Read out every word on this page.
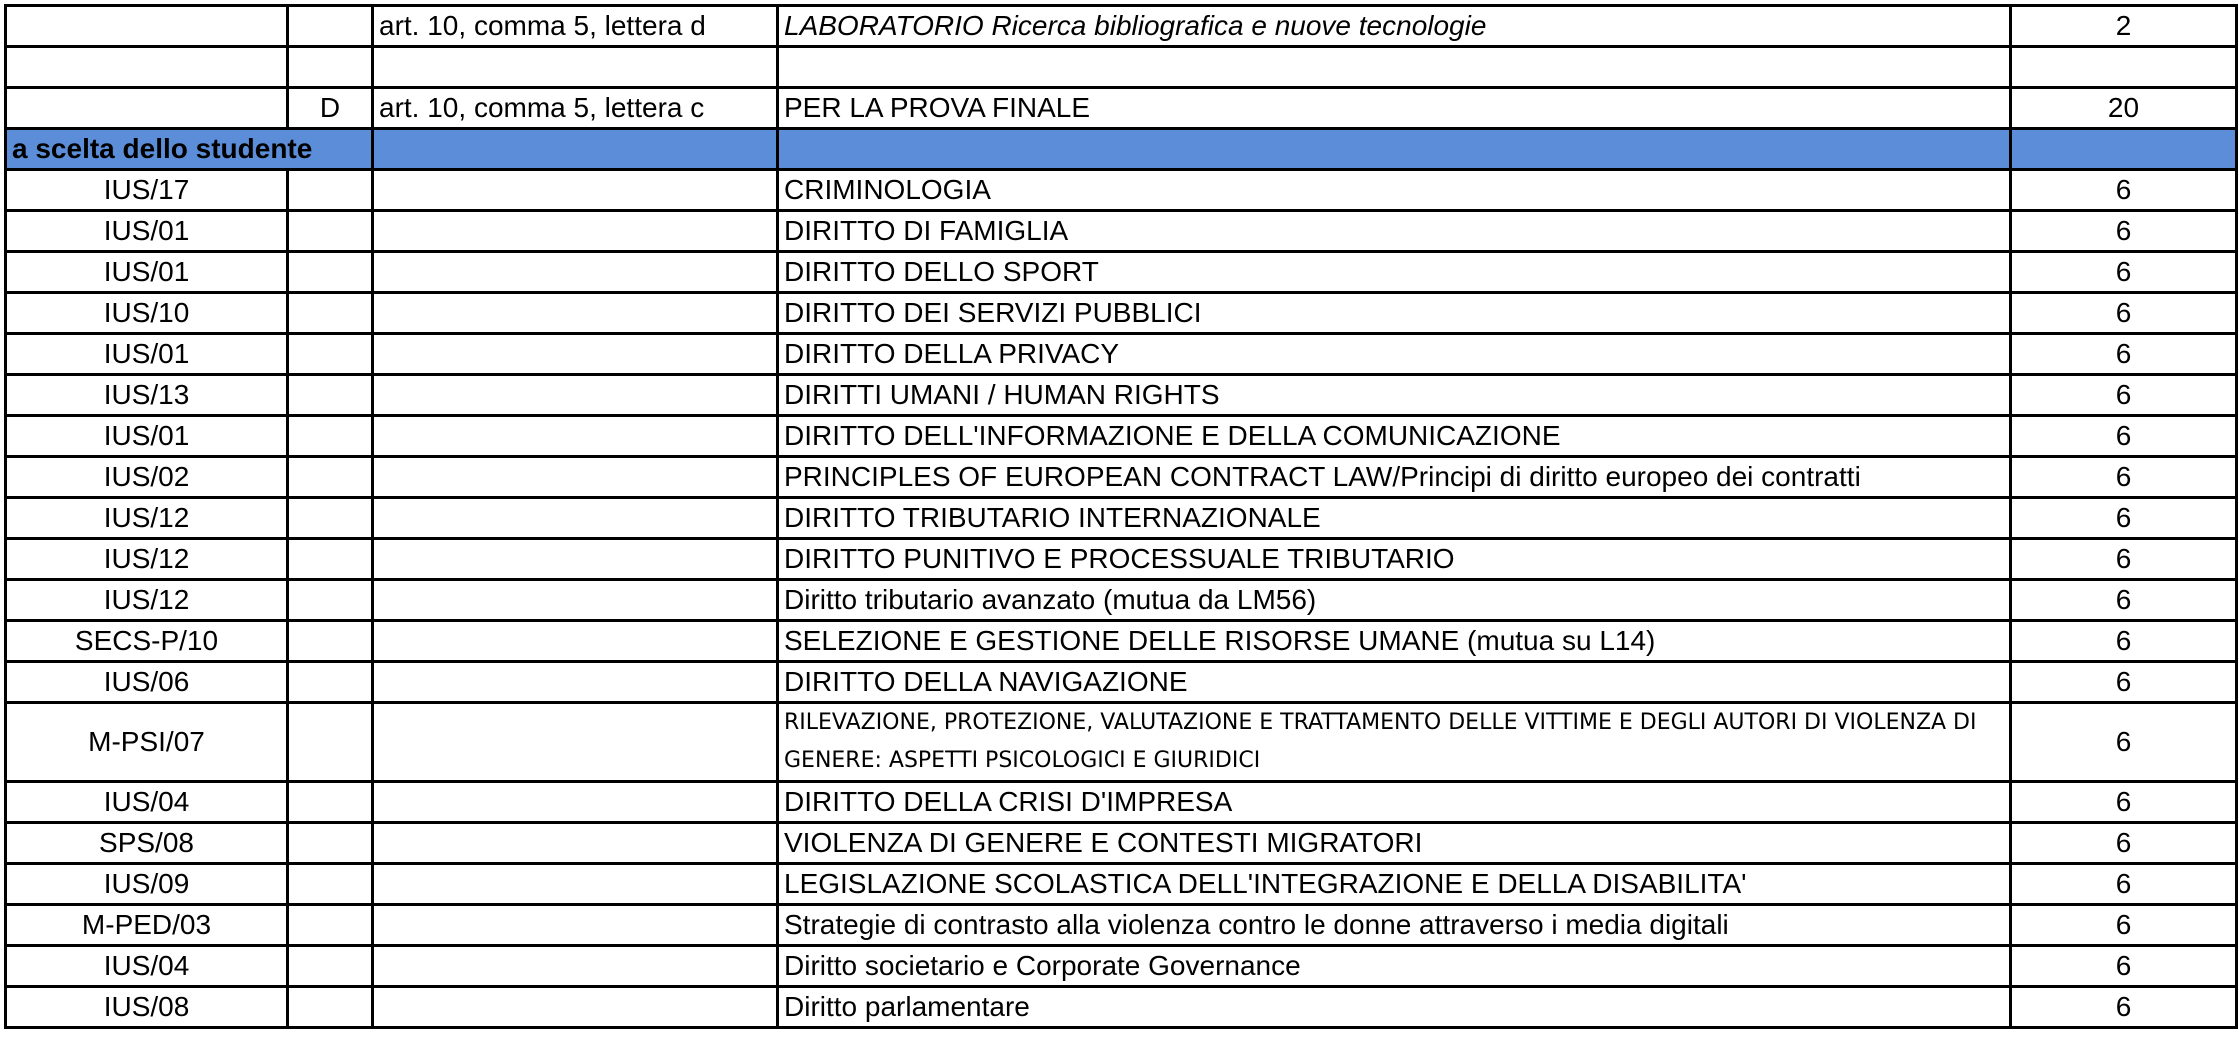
		art. 10, comma 5, lettera d	LABORATORIO Ricerca bibliografica e nuove tecnologie	2

	D	art. 10, comma 5, lettera c	PER LA PROVA FINALE	20
a scelta dello studente				
IUS/17			CRIMINOLOGIA	6
IUS/01			DIRITTO DI FAMIGLIA	6
IUS/01			DIRITTO DELLO SPORT	6
IUS/10			DIRITTO DEI SERVIZI PUBBLICI	6
IUS/01			DIRITTO DELLA PRIVACY	6
IUS/13			DIRITTI UMANI / HUMAN RIGHTS	6
IUS/01			DIRITTO DELL'INFORMAZIONE E DELLA COMUNICAZIONE	6
IUS/02			PRINCIPLES OF EUROPEAN CONTRACT LAW/Principi di diritto europeo dei contratti	6
IUS/12			DIRITTO TRIBUTARIO INTERNAZIONALE	6
IUS/12			DIRITTO PUNITIVO E PROCESSUALE TRIBUTARIO	6
IUS/12			Diritto tributario avanzato (mutua da LM56)	6
SECS-P/10			SELEZIONE E GESTIONE DELLE RISORSE UMANE (mutua su L14)	6
IUS/06			DIRITTO DELLA NAVIGAZIONE	6
M-PSI/07			RILEVAZIONE, PROTEZIONE, VALUTAZIONE E TRATTAMENTO DELLE VITTIME E DEGLI AUTORI DI VIOLENZA DI GENERE: ASPETTI PSICOLOGICI E GIURIDICI	6
IUS/04			DIRITTO DELLA CRISI D'IMPRESA	6
SPS/08			VIOLENZA DI GENERE E CONTESTI MIGRATORI	6
IUS/09			LEGISLAZIONE SCOLASTICA DELL'INTEGRAZIONE E DELLA DISABILITA'	6
M-PED/03			Strategie di contrasto alla violenza contro le donne attraverso i media digitali	6
IUS/04			Diritto societario e Corporate Governance	6
IUS/08			Diritto parlamentare	6
